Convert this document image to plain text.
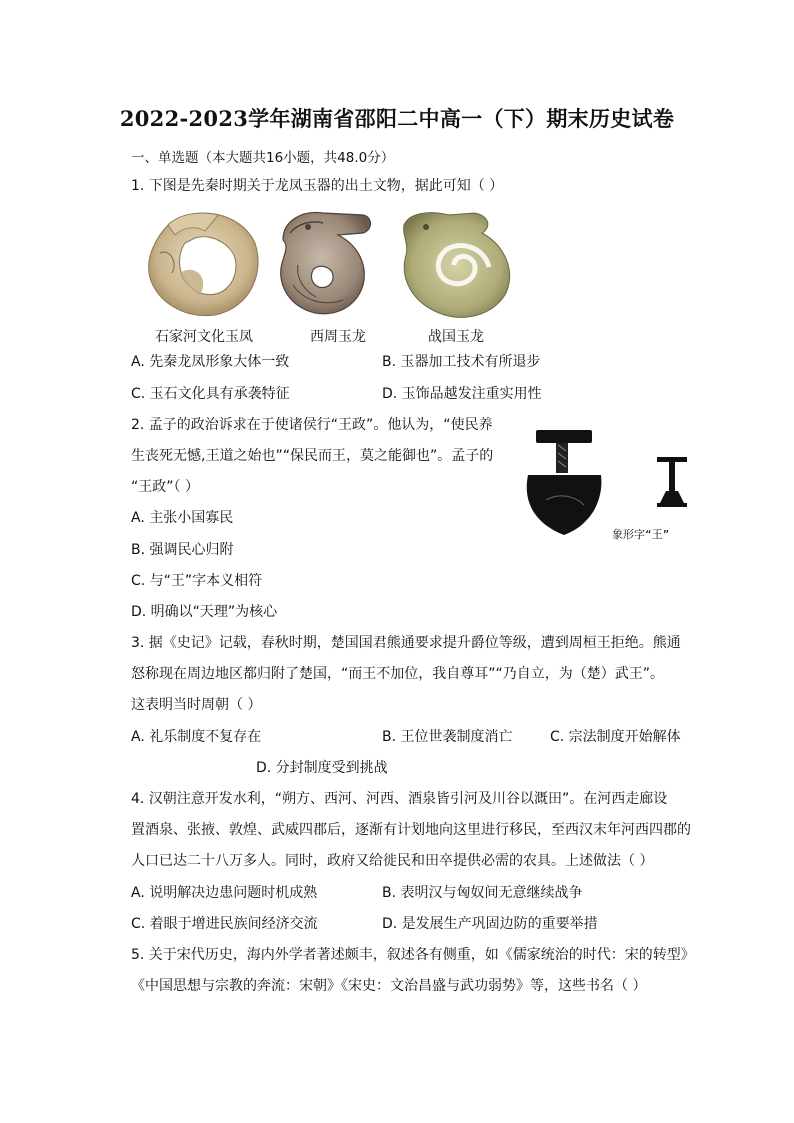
2022-2023学年湖南省邵阳二中高一（下）期末历史试卷
一、单选题（本大题共16小题，共48.0分）
1. 下图是先秦时期关于龙凤玉器的出土文物，据此可知（ ）
石家河文化玉凤	西周玉龙	战国玉龙
A. 先秦龙凤形象大体一致	B. 玉器加工技术有所退步
C. 玉石文化具有承袭特征	D. 玉饰品越发注重实用性
2. 孟子的政治诉求在于使诸侯行“王政”。他认为，“使民养
生丧死无憾,王道之始也”“保民而王，莫之能御也”。孟子的
“王政”（ ）
A. 主张小国寡民
B. 强调民心归附
C. 与“王”字本义相符
D. 明确以“天理”为核心
象形字“王”
3. 据《史记》记载，春秋时期，楚国国君熊通要求提升爵位等级，遭到周桓王拒绝。熊通
怒称现在周边地区都归附了楚国，“而王不加位，我自尊耳”“乃自立，为（楚）武王”。
这表明当时周朝（ ）
A. 礼乐制度不复存在	B. 王位世袭制度消亡	C. 宗法制度开始解体
D. 分封制度受到挑战
4. 汉朝注意开发水利，“朔方、西河、河西、酒泉皆引河及川谷以溉田”。在河西走廊设
置酒泉、张掖、敦煌、武威四郡后，逐渐有计划地向这里进行移民，至西汉末年河西四郡的
人口已达二十八万多人。同时，政府又给徙民和田卒提供必需的农具。上述做法（ ）
A. 说明解决边患问题时机成熟	B. 表明汉与匈奴间无意继续战争
C. 着眼于增进民族间经济交流	D. 是发展生产巩固边防的重要举措
5. 关于宋代历史，海内外学者著述颇丰，叙述各有侧重，如《儒家统治的时代：宋的转型》
《中国思想与宗教的奔流：宋朝》《宋史：文治昌盛与武功弱势》等，这些书名（ ）
